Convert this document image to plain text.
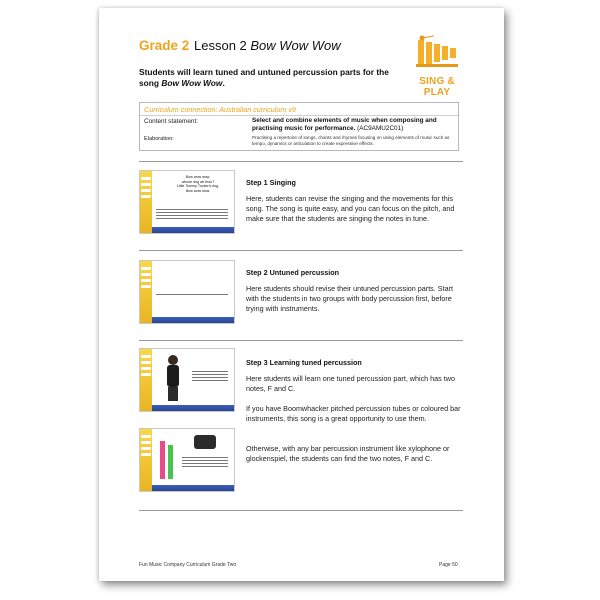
Grade 2 Lesson 2 Bow Wow Wow
SING & PLAY
Students will learn tuned and untuned percussion parts for the song Bow Wow Wow.
Curriculum connection: Australian curriculum v9
Content statement:	Select and combine elements of music when composing and practising music for performance. (AC9AMU2C01)
Elaboration:	Practising a repertoire of songs, chants and rhymes focusing on using elements of music such as tempo, dynamics or articulation to create expressive effects.
Bow wow wow,
whose dog art thou?
Little Tommy Tucker's dog,
Bow wow wow.
Step 1 Singing
Here, students can revise the singing and the movements for this song. The song is quite easy, and you can focus on the pitch, and make sure that the students are singing the notes in tune.
Step 2 Untuned percussion
Here students should revise their untuned percussion parts. Start with the students in two groups with body percussion first, before trying with instruments.
Step 3 Learning tuned percussion
Here students will learn one tuned percussion part, which has two notes, F and C.
If you have Boomwhacker pitched percussion tubes or coloured bar instruments, this song is a great opportunity to use them.
Otherwise, with any bar percussion instrument like xylophone or glockenspiel, the students can find the two notes, F and C.
Fun Music Company Curriculum Grade Two	Page 50
